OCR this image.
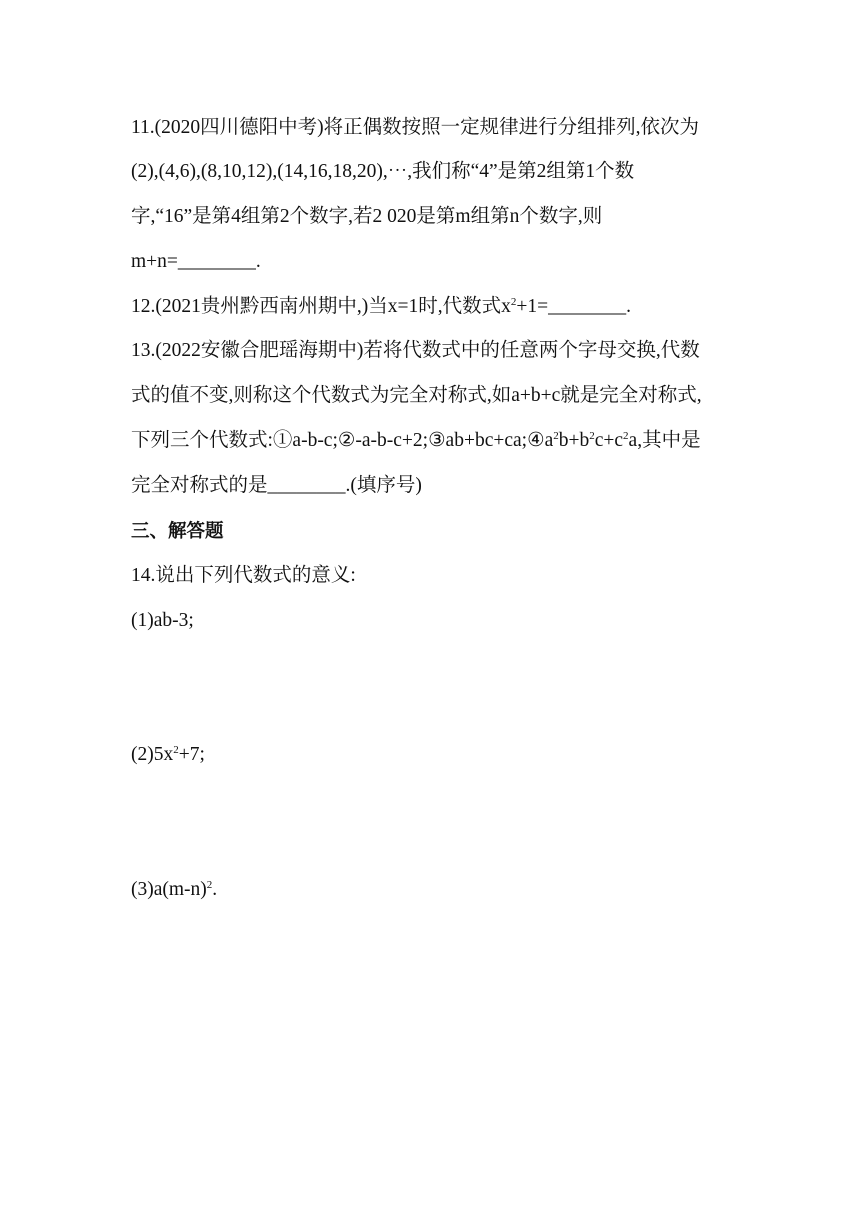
11.(2020四川德阳中考)将正偶数按照一定规律进行分组排列,依次为
(2),(4,6),(8,10,12),(14,16,18,20),⋯,我们称“4”是第2组第1个数
字,“16”是第4组第2个数字,若2 020是第m组第n个数字,则
m+n=________.
12.(2021贵州黔西南州期中,)当x=1时,代数式$x^2+1=\_\_\_\_\_\_\_\_$.
13.(2022安徽合肥瑶海期中)若将代数式中的任意两个字母交换,代数
式的值不变,则称这个代数式为完全对称式,如a+b+c就是完全对称式,
下列三个代数式$:①a-b-c;②-a-b-c+2;③ab+bc+ca;④a^2b+b^2c+c^2a$,其中是
完全对称式的是________.(填序号)
三、解答题
14.说出下列代数式的意义:
(1)ab-3;
$(2)5x^2+7$;
$(3)a(m-n)^2$.
